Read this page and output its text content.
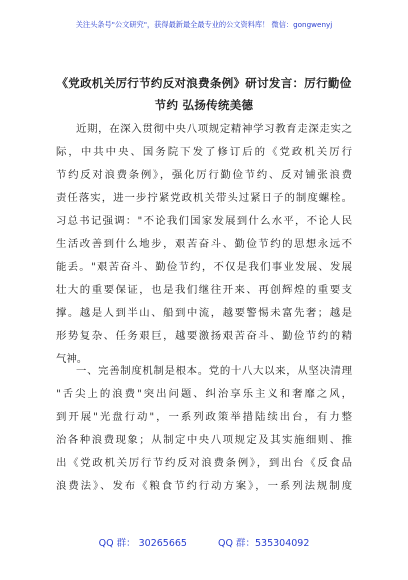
关注头条号"公文研究"，获得最新最全最专业的公文资料库！ 微信：gongwenyj
《党政机关厉行节约反对浪费条例》研讨发言：厉行勤俭
节约 弘扬传统美德
近期，在深入贯彻中央八项规定精神学习教育走深走实之
际，中共中央、国务院下发了修订后的《党政机关厉行
节约反对浪费条例》，强化厉行勤俭节约、反对铺张浪费
责任落实，进一步拧紧党政机关带头过紧日子的制度螺栓。
习总书记强调："不论我们国家发展到什么水平，不论人民
生活改善到什么地步，艰苦奋斗、勤俭节约的思想永远不
能丢。"艰苦奋斗、勤俭节约，不仅是我们事业发展、发展
壮大的重要保证，也是我们继往开来、再创辉煌的重要支
撑。越是人到半山、船到中流，越要警惕未富先奢；越是
形势复杂、任务艰巨，越要激扬艰苦奋斗、勤俭节约的精
气神。
一、完善制度机制是根本。党的十八大以来，从坚决清理
"舌尖上的浪费"突出问题、纠治享乐主义和奢靡之风，
到开展"光盘行动"，一系列政策举措陆续出台，有力整
治各种浪费现象；从制定中央八项规定及其实施细则、推
出《党政机关厉行节约反对浪费条例》，到出台《反食品
浪费法》、发布《粮食节约行动方案》，一系列法规制度
QQ 群： 30265665	QQ 群：535304092
